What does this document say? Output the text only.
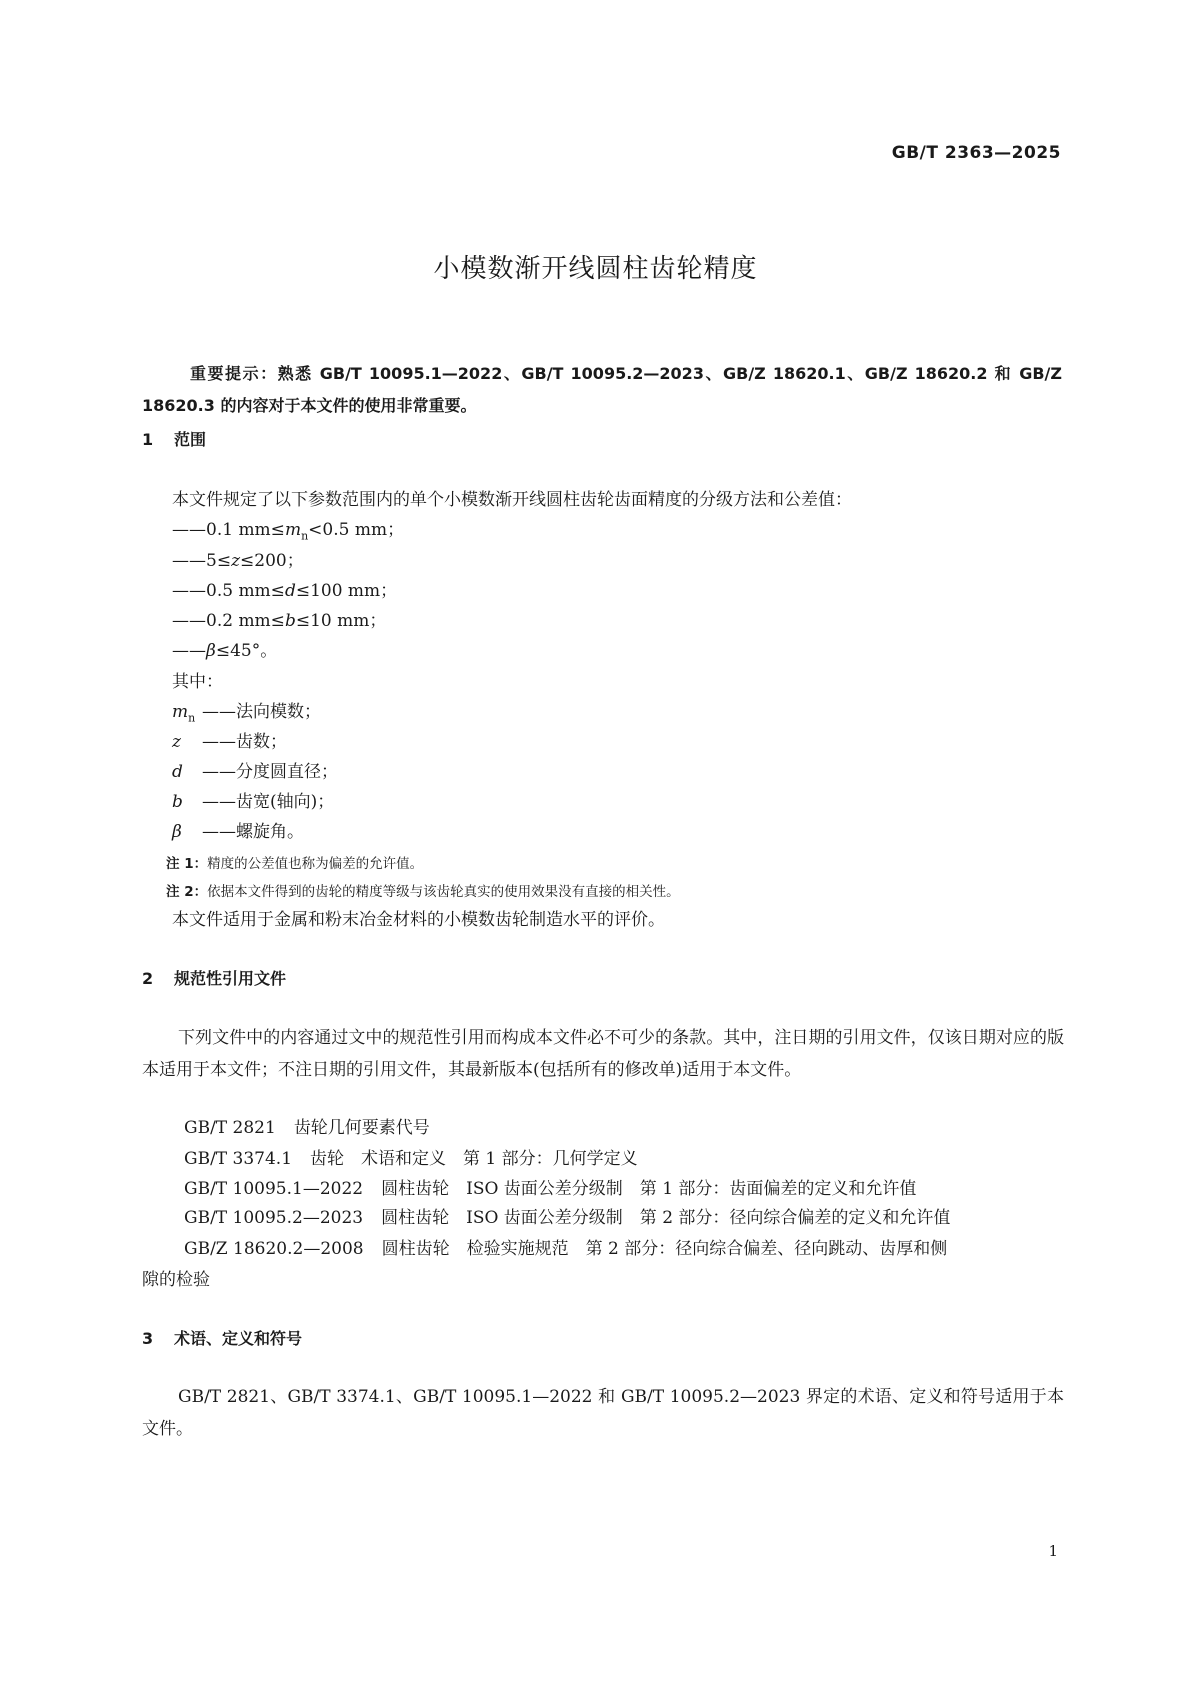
GB/T 2363—2025
小模数渐开线圆柱齿轮精度
重要提示：熟悉 GB/T 10095.1—2022、GB/T 10095.2—2023、GB/Z 18620.1、GB/Z 18620.2 和 GB/Z 18620.3 的内容对于本文件的使用非常重要。
1 范围
本文件规定了以下参数范围内的单个小模数渐开线圆柱齿轮齿面精度的分级方法和公差值：
——0.1 $mm\le m_n<0.5$ mm；
——5≤z≤200；
——0.5 mm≤d≤100 mm；
——0.2 mm≤b≤10 mm；
——β≤45°。
其中：
$m_n$ ——法向模数；
z ——齿数；
d ——分度圆直径；
b ——齿宽(轴向)；
β ——螺旋角。
注 1：精度的公差值也称为偏差的允许值。
注 2：依据本文件得到的齿轮的精度等级与该齿轮真实的使用效果没有直接的相关性。
本文件适用于金属和粉末冶金材料的小模数齿轮制造水平的评价。
2 规范性引用文件
下列文件中的内容通过文中的规范性引用而构成本文件必不可少的条款。其中，注日期的引用文件，仅该日期对应的版本适用于本文件；不注日期的引用文件，其最新版本(包括所有的修改单)适用于本文件。
GB/T 2821 齿轮几何要素代号
GB/T 3374.1 齿轮　术语和定义　第 1 部分：几何学定义
GB/T 10095.1—2022 圆柱齿轮　ISO 齿面公差分级制　第 1 部分：齿面偏差的定义和允许值
GB/T 10095.2—2023 圆柱齿轮　ISO 齿面公差分级制　第 2 部分：径向综合偏差的定义和允许值
GB/Z 18620.2—2008 圆柱齿轮　检验实施规范　第 2 部分：径向综合偏差、径向跳动、齿厚和侧
隙的检验
3 术语、定义和符号
GB/T 2821、GB/T 3374.1、GB/T 10095.1—2022 和 GB/T 10095.2—2023 界定的术语、定义和符号适用于本文件。
1
